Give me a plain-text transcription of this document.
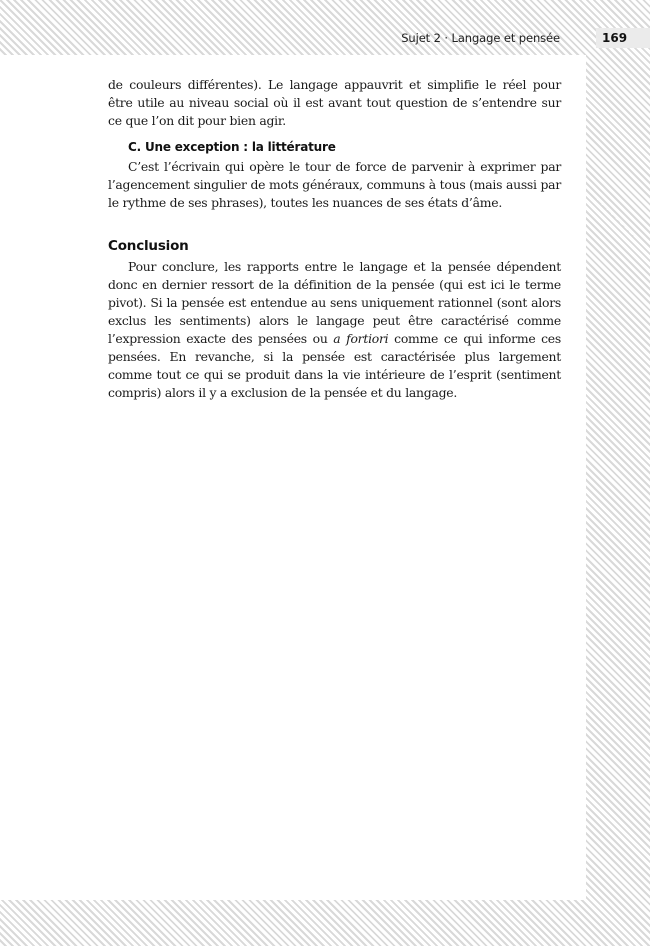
Sujet 2 · Langage et pensée	169

de couleurs différentes). Le langage appauvrit et simplifie le réel pour être utile au niveau social où il est avant tout question de s’entendre sur ce que l’on dit pour bien agir.

C. Une exception : la littérature

C’est l’écrivain qui opère le tour de force de parvenir à exprimer par l’agencement singulier de mots généraux, communs à tous (mais aussi par le rythme de ses phrases), toutes les nuances de ses états d’âme.

Conclusion

Pour conclure, les rapports entre le langage et la pensée dépendent donc en dernier ressort de la définition de la pensée (qui est ici le terme pivot). Si la pensée est entendue au sens uniquement rationnel (sont alors exclus les sentiments) alors le langage peut être caractérisé comme l’expression exacte des pensées ou a fortiori comme ce qui informe ces pensées. En revanche, si la pensée est caractérisée plus largement comme tout ce qui se produit dans la vie intérieure de l’esprit (sentiment compris) alors il y a exclusion de la pensée et du langage.
